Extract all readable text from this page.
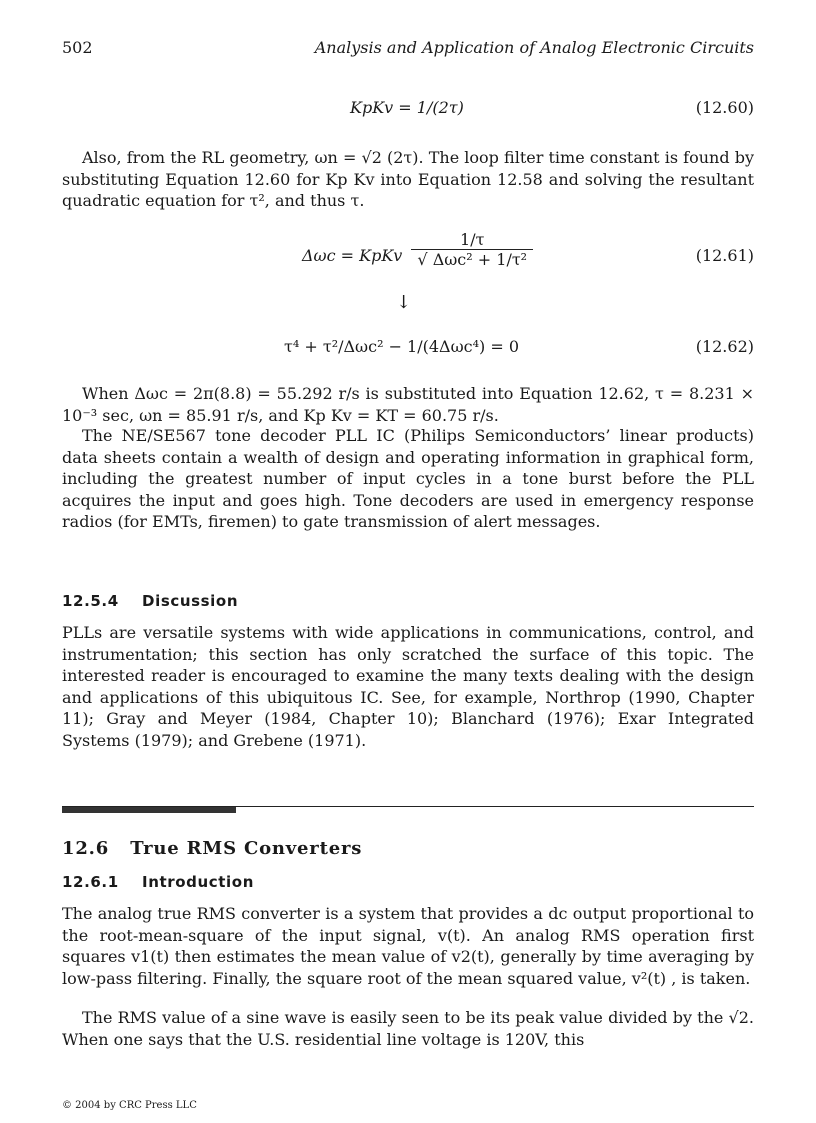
502	Analysis and Application of Analog Electronic Circuits
KpKv = 1/(2τ)	(12.60)

Also, from the RL geometry, ωn = √2 (2τ). The loop filter time constant is found by substituting Equation 12.60 for Kp Kv into Equation 12.58 and solving the resultant quadratic equation for τ², and thus τ.

Δωc = KpKv $\frac{1/\tau}{\text{√ Δωc² + 1/τ²}}$	(12.61)
↓
τ⁴ + τ²/Δωc² − 1/(4Δωc⁴) = 0	(12.62)

When Δωc = 2π(8.8) = 55.292 r/s is substituted into Equation 12.62, τ = 8.231 × 10⁻³ sec, ωn = 85.91 r/s, and Kp Kv = KT = 60.75 r/s.

The NE/SE567 tone decoder PLL IC (Philips Semiconductors’ linear products) data sheets contain a wealth of design and operating information in graphical form, including the greatest number of input cycles in a tone burst before the PLL acquires the input and goes high. Tone decoders are used in emergency response radios (for EMTs, firemen) to gate transmission of alert messages.

12.5.4    Discussion

PLLs are versatile systems with wide applications in communications, control, and instrumentation; this section has only scratched the surface of this topic. The interested reader is encouraged to examine the many texts dealing with the design and applications of this ubiquitous IC. See, for example, Northrop (1990, Chapter 11); Gray and Meyer (1984, Chapter 10); Blanchard (1976); Exar Integrated Systems (1979); and Grebene (1971).

12.6   True RMS Converters
12.6.1    Introduction

The analog true RMS converter is a system that provides a dc output proportional to the root-mean-square of the input signal, v(t). An analog RMS operation first squares v1(t) then estimates the mean value of v2(t), generally by time averaging by low-pass filtering. Finally, the square root of the mean squared value, v²(t) , is taken.

The RMS value of a sine wave is easily seen to be its peak value divided by the √2. When one says that the U.S. residential line voltage is 120V, this

© 2004 by CRC Press LLC
